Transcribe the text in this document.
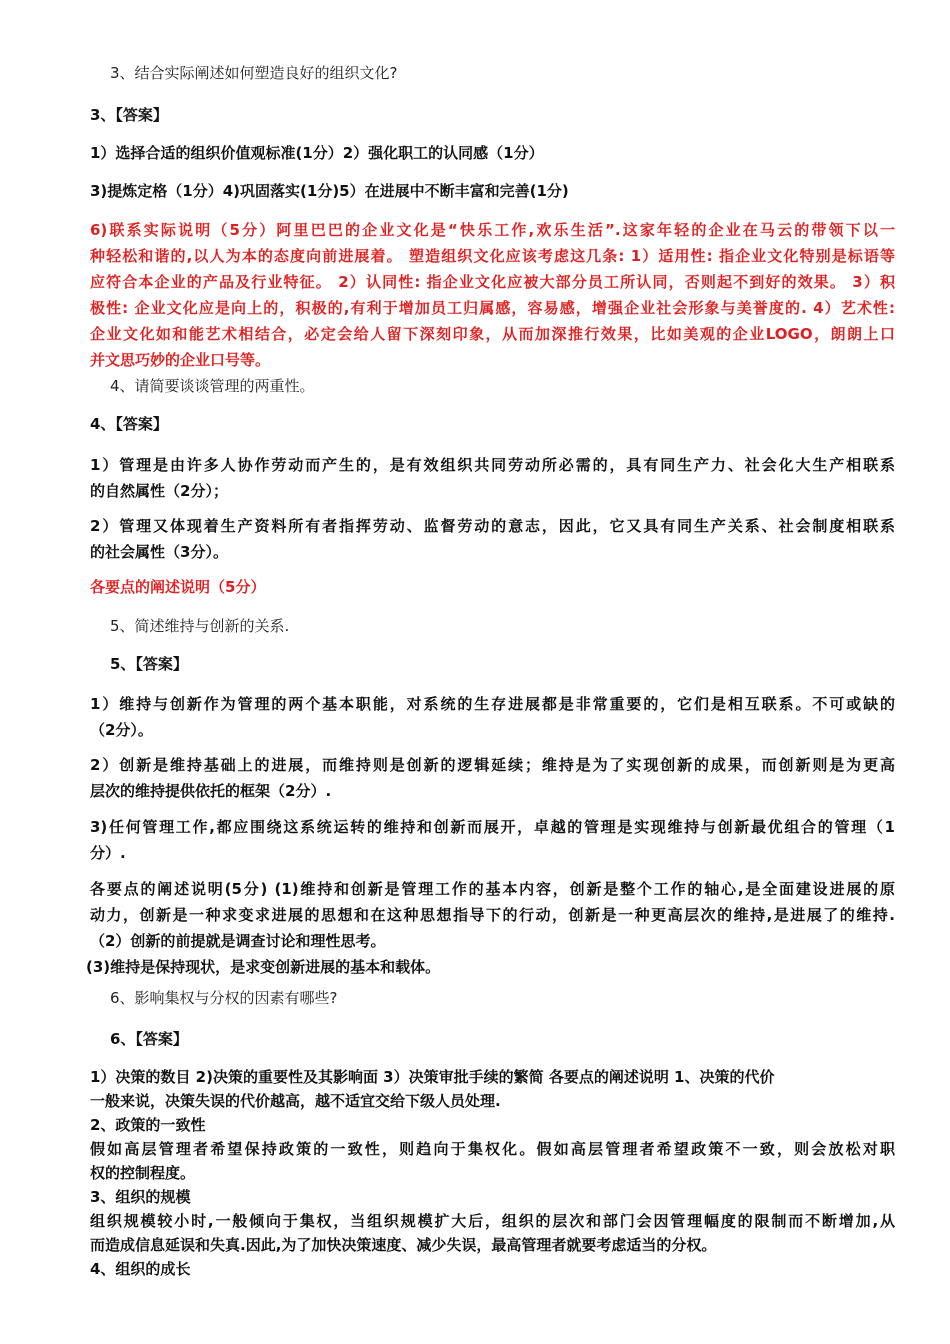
3、结合实际阐述如何塑造良好的组织文化?

3、【答案】

1）选择合适的组织价值观标准(1分）2）强化职工的认同感（1分）

3)提炼定格（1分）4)巩固落实(1分)5）在进展中不断丰富和完善(1分)

6)联系实际说明（5分）阿里巴巴的企业文化是“快乐工作,欢乐生活”.这家年轻的企业在马云的带领下以一

种轻松和谐的,以人为本的态度向前进展着。 塑造组织文化应该考虑这几条: 1）适用性: 指企业文化特别是标语等

应符合本企业的产品及行业特征。 2）认同性: 指企业文化应被大部分员工所认同，否则起不到好的效果。 3）积

极性: 企业文化应是向上的，积极的,有利于增加员工归属感，容易感，增强企业社会形象与美誉度的. 4）艺术性:

企业文化如和能艺术相结合，必定会给人留下深刻印象，从而加深推行效果，比如美观的企业LOGO，朗朗上口

并文思巧妙的企业口号等。

4、请简要谈谈管理的两重性。

4、【答案】

1）管理是由许多人协作劳动而产生的，是有效组织共同劳动所必需的，具有同生产力、社会化大生产相联系

的自然属性（2分）；

2）管理又体现着生产资料所有者指挥劳动、监督劳动的意志，因此，它又具有同生产关系、社会制度相联系

的社会属性（3分）。

各要点的阐述说明（5分）

5、简述维持与创新的关系.

5、【答案】

1）维持与创新作为管理的两个基本职能，对系统的生存进展都是非常重要的，它们是相互联系。不可或缺的

（2分）。

2）创新是维持基础上的进展，而维持则是创新的逻辑延续；维持是为了实现创新的成果，而创新则是为更高

层次的维持提供依托的框架（2分）.

3)任何管理工作,都应围绕这系统运转的维持和创新而展开，卓越的管理是实现维持与创新最优组合的管理（1

分）.

各要点的阐述说明(5分) (1)维持和创新是管理工作的基本内容，创新是整个工作的轴心,是全面建设进展的原

动力，创新是一种求变求进展的思想和在这种思想指导下的行动，创新是一种更高层次的维持,是进展了的维持.

（2）创新的前提就是调查讨论和理性思考。

(3)维持是保持现状，是求变创新进展的基本和载体。

6、影响集权与分权的因素有哪些?

6、【答案】

1）决策的数目 2)决策的重要性及其影响面 3）决策审批手续的繁简 各要点的阐述说明 1、决策的代价

一般来说，决策失误的代价越高，越不适宜交给下级人员处理.

2、政策的一致性

假如高层管理者希望保持政策的一致性，则趋向于集权化。假如高层管理者希望政策不一致，则会放松对职

权的控制程度。

3、组织的规模

组织规模较小时,一般倾向于集权，当组织规模扩大后，组织的层次和部门会因管理幅度的限制而不断增加,从

而造成信息延误和失真.因此,为了加快决策速度、减少失误，最高管理者就要考虑适当的分权。

4、组织的成长
